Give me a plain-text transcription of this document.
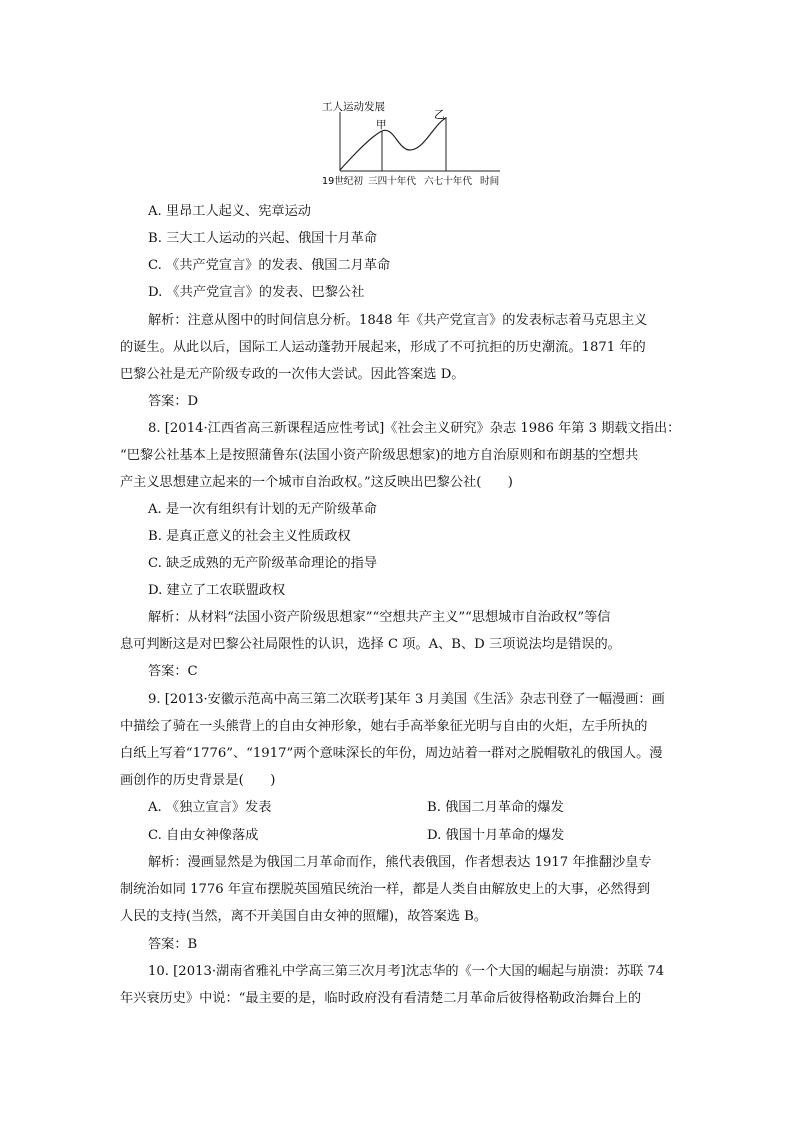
工人运动发展
甲
乙
19世纪初 三四十年代 六七十年代 时间
A. 里昂工人起义、宪章运动
B. 三大工人运动的兴起、俄国十月革命
C. 《共产党宣言》的发表、俄国二月革命
D. 《共产党宣言》的发表、巴黎公社
解析：注意从图中的时间信息分析。1848 年《共产党宣言》的发表标志着马克思主义
的诞生。从此以后，国际工人运动蓬勃开展起来，形成了不可抗拒的历史潮流。1871 年的
巴黎公社是无产阶级专政的一次伟大尝试。因此答案选 D。
答案：D
8. [2014·江西省高三新课程适应性考试]《社会主义研究》杂志 1986 年第 3 期载文指出：
“巴黎公社基本上是按照蒲鲁东(法国小资产阶级思想家)的地方自治原则和布朗基的空想共
产主义思想建立起来的一个城市自治政权。”这反映出巴黎公社(　　)
A. 是一次有组织有计划的无产阶级革命
B. 是真正意义的社会主义性质政权
C. 缺乏成熟的无产阶级革命理论的指导
D. 建立了工农联盟政权
解析：从材料“法国小资产阶级思想家”“空想共产主义”“思想城市自治政权”等信
息可判断这是对巴黎公社局限性的认识，选择 C 项。A、B、D 三项说法均是错误的。
答案：C
9. [2013·安徽示范高中高三第二次联考]某年 3 月美国《生活》杂志刊登了一幅漫画：画
中描绘了骑在一头熊背上的自由女神形象，她右手高举象征光明与自由的火炬，左手所执的
白纸上写着“1776”、“1917”两个意味深长的年份，周边站着一群对之脱帽敬礼的俄国人。漫
画创作的历史背景是(　　)
A. 《独立宣言》发表	B. 俄国二月革命的爆发
C. 自由女神像落成	D. 俄国十月革命的爆发
解析：漫画显然是为俄国二月革命而作，熊代表俄国，作者想表达 1917 年推翻沙皇专
制统治如同 1776 年宣布摆脱英国殖民统治一样，都是人类自由解放史上的大事，必然得到
人民的支持(当然，离不开美国自由女神的照耀)，故答案选 B。
答案：B
10. [2013·湖南省雅礼中学高三第三次月考]沈志华的《一个大国的崛起与崩溃：苏联 74
年兴衰历史》中说：“最主要的是，临时政府没有看清楚二月革命后彼得格勒政治舞台上的
